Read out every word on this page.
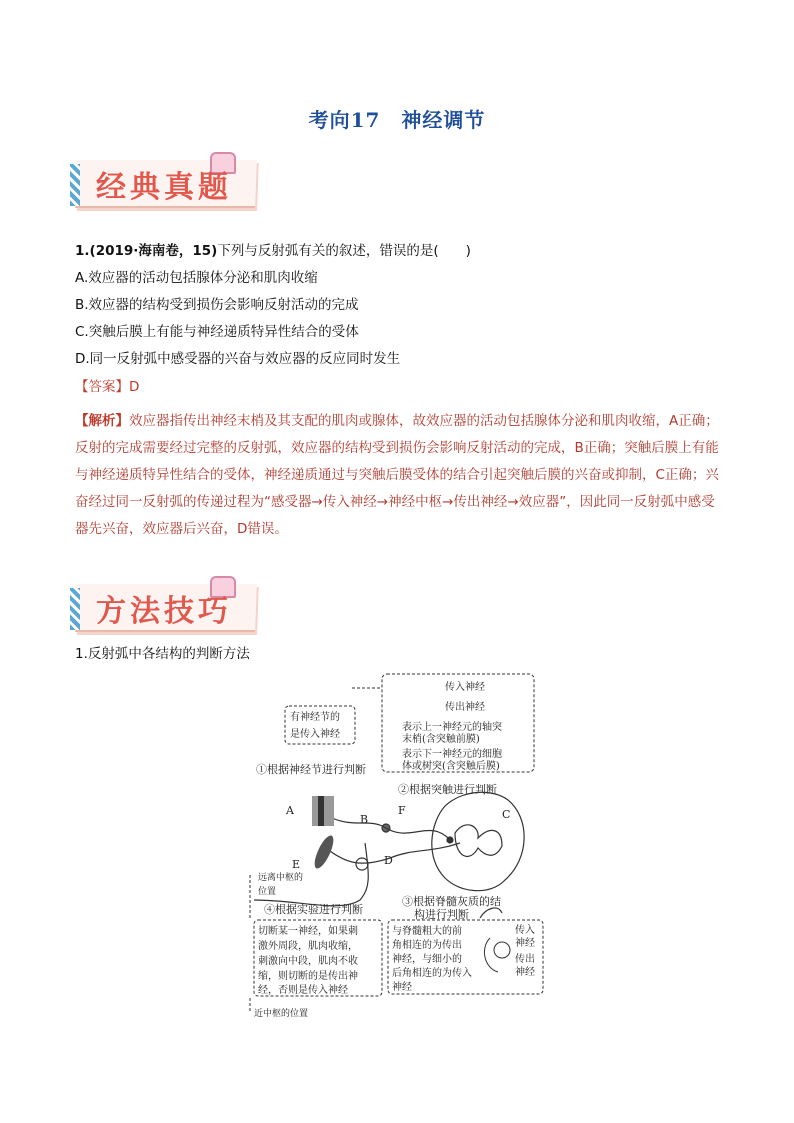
考向17　神经调节
经典真题
1.(2019·海南卷，15)下列与反射弧有关的叙述，错误的是(　　)
A.效应器的活动包括腺体分泌和肌肉收缩
B.效应器的结构受到损伤会影响反射活动的完成
C.突触后膜上有能与神经递质特异性结合的受体
D.同一反射弧中感受器的兴奋与效应器的反应同时发生
【答案】D
【解析】效应器指传出神经末梢及其支配的肌肉或腺体，故效应器的活动包括腺体分泌和肌肉收缩，A正确；反射的完成需要经过完整的反射弧，效应器的结构受到损伤会影响反射活动的完成，B正确；突触后膜上有能与神经递质特异性结合的受体，神经递质通过与突触后膜受体的结合引起突触后膜的兴奋或抑制，C正确；兴奋经过同一反射弧的传递过程为“感受器→传入神经→神经中枢→传出神经→效应器”，因此同一反射弧中感受器先兴奋，效应器后兴奋，D错误。
方法技巧
1.反射弧中各结构的判断方法
有神经节的
是传入神经
①根据神经节进行判断
传入神经
传出神经
表示上一神经元的轴突
末梢(含突触前膜)
表示下一神经元的细胞
体或树突(含突触后膜)
②根据突触进行判断
A
B
F	C
E	D
远离中枢的
位置
④根据实验进行判断
切断某一神经，如果刺
激外周段，肌肉收缩，
刺激向中段，肌肉不收
缩，则切断的是传出神
经，否则是传入神经
近中枢的位置
③根据脊髓灰质的结
构进行判断
与脊髓粗大的前
角相连的为传出
神经，与细小的
后角相连的为传入
神经
传入
神经
传出
神经
